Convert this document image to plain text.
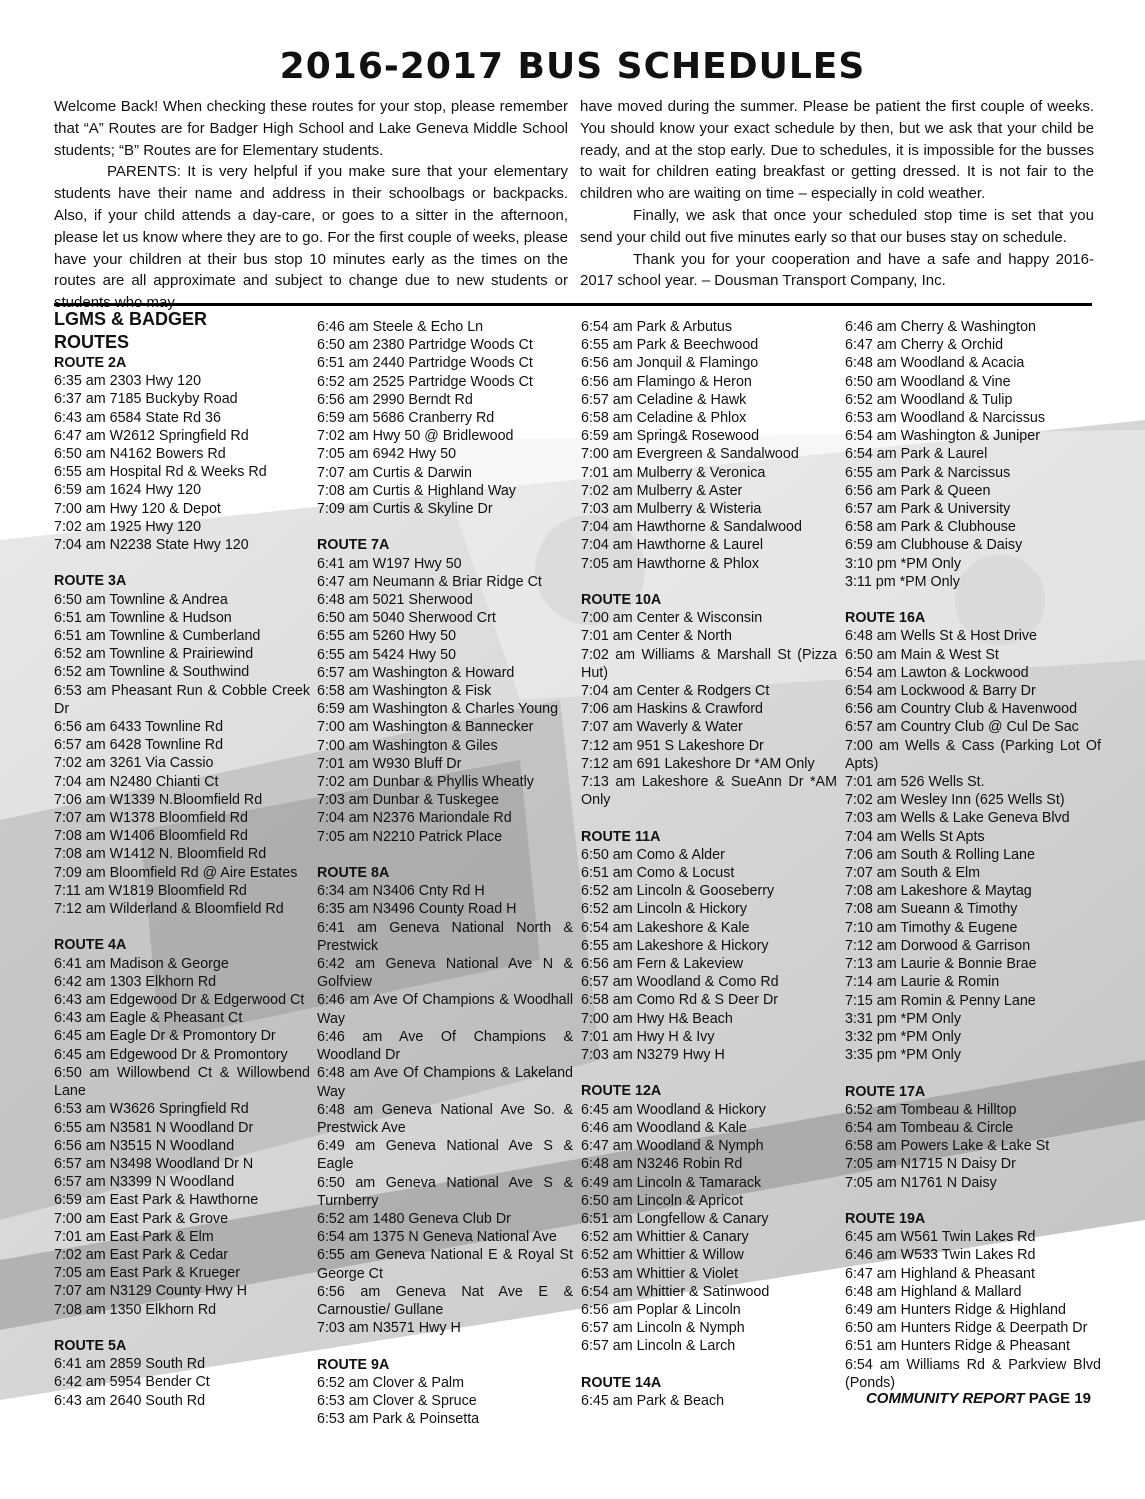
2016-2017 BUS SCHEDULES

Welcome Back! When checking these routes for your stop, please remember that “A” Routes are for Badger High School and Lake Geneva Middle School students; “B” Routes are for Elementary students.

PARENTS: It is very helpful if you make sure that your elementary students have their name and address in their schoolbags or backpacks. Also, if your child attends a day-care, or goes to a sitter in the afternoon, please let us know where they are to go. For the first couple of weeks, please have your children at their bus stop 10 minutes early as the times on the routes are all approximate and subject to change due to new students or

have moved during the summer. Please be patient the first couple of weeks. You should know your exact schedule by then, but we ask that your child be ready, and at the stop early. Due to schedules, it is impossible for the busses to wait for children eating breakfast or getting dressed. It is not fair to the children who are waiting on time – especially in cold weather.

Finally, we ask that once your scheduled stop time is set that you send your child out five minutes early so that our buses stay on schedule.

Thank you for your cooperation and have a safe and happy 2016-2017 school year. – Dousman Transport Company, Inc.

LGMS & BADGER
ROUTES
ROUTE 2A
6:35 am 2303 Hwy 120
6:37 am 7185 Buckyby Road
6:43 am 6584 State Rd 36
6:47 am W2612 Springfield Rd
6:50 am N4162 Bowers Rd
6:55 am Hospital Rd & Weeks Rd
6:59 am 1624 Hwy 120
7:00 am Hwy 120 & Depot
7:02 am 1925 Hwy 120
7:04 am N2238 State Hwy 120
ROUTE 3A
6:50 am Townline & Andrea
6:51 am Townline & Hudson
6:51 am Townline & Cumberland
6:52 am Townline & Prairiewind
6:52 am Townline & Southwind
6:53 am Pheasant Run & Cobble Creek Dr
6:56 am 6433 Townline Rd
6:57 am 6428 Townline Rd
7:02 am 3261 Via Cassio
7:04 am N2480 Chianti Ct
7:06 am W1339 N.Bloomfield Rd
7:07 am W1378 Bloomfield Rd
7:08 am W1406 Bloomfield Rd
7:08 am W1412 N. Bloomfield Rd
7:09 am Bloomfield Rd @ Aire Estates
7:11 am W1819 Bloomfield Rd
7:12 am Wilderland & Bloomfield Rd
ROUTE 4A
6:41 am Madison & George
6:42 am 1303 Elkhorn Rd
6:43 am Edgewood Dr & Edgerwood Ct
6:43 am Eagle & Pheasant Ct
6:45 am Eagle Dr & Promontory Dr
6:45 am Edgewood Dr & Promontory
6:50 am Willowbend Ct & Willowbend Lane
6:53 am W3626 Springfield Rd
6:55 am N3581 N Woodland Dr
6:56 am N3515 N Woodland
6:57 am N3498 Woodland Dr N
6:57 am N3399 N Woodland
6:59 am East Park & Hawthorne
7:00 am East Park & Grove
7:01 am East Park & Elm
7:02 am East Park & Cedar
7:05 am East Park & Krueger
7:07 am N3129 County Hwy H
7:08 am 1350 Elkhorn Rd
ROUTE 5A
6:41 am 2859 South Rd
6:42 am 5954 Bender Ct
6:43 am 2640 South Rd
6:46 am Steele & Echo Ln
6:50 am 2380 Partridge Woods Ct
6:51 am 2440 Partridge Woods Ct
6:52 am 2525 Partridge Woods Ct
6:56 am 2990 Berndt Rd
6:59 am 5686 Cranberry Rd
7:02 am Hwy 50 @ Bridlewood
7:05 am 6942 Hwy 50
7:07 am Curtis & Darwin
7:08 am Curtis & Highland Way
7:09 am Curtis & Skyline Dr
ROUTE 7A
6:41 am W197 Hwy 50
6:47 am Neumann & Briar Ridge Ct
6:48 am 5021 Sherwood
6:50 am 5040 Sherwood Crt
6:55 am 5260 Hwy 50
6:55 am 5424 Hwy 50
6:57 am Washington & Howard
6:58 am Washington & Fisk
6:59 am Washington & Charles Young
7:00 am Washington & Bannecker
7:00 am Washington & Giles
7:01 am W930 Bluff Dr
7:02 am Dunbar & Phyllis Wheatly
7:03 am Dunbar & Tuskegee
7:04 am N2376 Mariondale Rd
7:05 am N2210 Patrick Place
ROUTE 8A
6:34 am N3406 Cnty Rd H
6:35 am N3496 County Road H
6:41 am Geneva National North & Prestwick
6:42 am Geneva National Ave N & Golfview
6:46 am Ave Of Champions & Woodhall Way
6:46 am Ave Of Champions & Woodland Dr
6:48 am Ave Of Champions & Lakeland Way
6:48 am Geneva National Ave So. & Prestwick Ave
6:49 am Geneva National Ave S & Eagle
6:50 am Geneva National Ave S & Turnberry
6:52 am 1480 Geneva Club Dr
6:54 am 1375 N Geneva National Ave
6:55 am Geneva National E & Royal St George Ct
6:56 am Geneva Nat Ave E & Carnoustie/ Gullane
7:03 am N3571 Hwy H
ROUTE 9A
6:52 am Clover & Palm
6:53 am Clover & Spruce
6:53 am Park & Poinsetta
6:54 am Park & Arbutus
6:55 am Park & Beechwood
6:56 am Jonquil & Flamingo
6:56 am Flamingo & Heron
6:57 am Celadine & Hawk
6:58 am Celadine & Phlox
6:59 am Spring& Rosewood
7:00 am Evergreen & Sandalwood
7:01 am Mulberry & Veronica
7:02 am Mulberry & Aster
7:03 am Mulberry & Wisteria
7:04 am Hawthorne & Sandalwood
7:04 am Hawthorne & Laurel
7:05 am Hawthorne & Phlox
ROUTE 10A
7:00 am Center & Wisconsin
7:01 am Center & North
7:02 am Williams & Marshall St (Pizza Hut)
7:04 am Center & Rodgers Ct
7:06 am Haskins & Crawford
7:07 am Waverly & Water
7:12 am 951 S Lakeshore Dr
7:12 am 691 Lakeshore Dr *AM Only
7:13 am Lakeshore & SueAnn Dr *AM Only
ROUTE 11A
6:50 am Como & Alder
6:51 am Como & Locust
6:52 am Lincoln & Gooseberry
6:52 am Lincoln & Hickory
6:54 am Lakeshore & Kale
6:55 am Lakeshore & Hickory
6:56 am Fern & Lakeview
6:57 am Woodland & Como Rd
6:58 am Como Rd & S Deer Dr
7:00 am Hwy H& Beach
7:01 am Hwy H & Ivy
7:03 am N3279 Hwy H
ROUTE 12A
6:45 am Woodland & Hickory
6:46 am Woodland & Kale
6:47 am Woodland & Nymph
6:48 am N3246 Robin Rd
6:49 am Lincoln & Tamarack
6:50 am Lincoln & Apricot
6:51 am Longfellow & Canary
6:52 am Whittier & Canary
6:52 am Whittier & Willow
6:53 am Whittier & Violet
6:54 am Whittier & Satinwood
6:56 am Poplar & Lincoln
6:57 am Lincoln & Nymph
6:57 am Lincoln & Larch
ROUTE 14A
6:45 am Park & Beach
6:46 am Cherry & Washington
6:47 am Cherry & Orchid
6:48 am Woodland & Acacia
6:50 am Woodland & Vine
6:52 am Woodland & Tulip
6:53 am Woodland & Narcissus
6:54 am Washington & Juniper
6:54 am Park & Laurel
6:55 am Park & Narcissus
6:56 am Park & Queen
6:57 am Park & University
6:58 am Park & Clubhouse
6:59 am Clubhouse & Daisy
3:10 pm *PM Only
3:11 pm *PM Only
ROUTE 16A
6:48 am Wells St & Host Drive
6:50 am Main & West St
6:54 am Lawton & Lockwood
6:54 am Lockwood & Barry Dr
6:56 am Country Club & Havenwood
6:57 am Country Club @ Cul De Sac
7:00 am Wells & Cass (Parking Lot Of Apts)
7:01 am 526 Wells St.
7:02 am Wesley Inn (625 Wells St)
7:03 am Wells & Lake Geneva Blvd
7:04 am Wells St Apts
7:06 am South & Rolling Lane
7:07 am South & Elm
7:08 am Lakeshore & Maytag
7:08 am Sueann & Timothy
7:10 am Timothy & Eugene
7:12 am Dorwood & Garrison
7:13 am Laurie & Bonnie Brae
7:14 am Laurie & Romin
7:15 am Romin & Penny Lane
3:31 pm *PM Only
3:32 pm *PM Only
3:35 pm *PM Only
ROUTE 17A
6:52 am Tombeau & Hilltop
6:54 am Tombeau & Circle
6:58 am Powers Lake & Lake St
7:05 am N1715 N Daisy Dr
7:05 am N1761 N Daisy
ROUTE 19A
6:45 am W561 Twin Lakes Rd
6:46 am W533 Twin Lakes Rd
6:47 am Highland & Pheasant
6:48 am Highland & Mallard
6:49 am Hunters Ridge & Highland
6:50 am Hunters Ridge & Deerpath Dr
6:51 am Hunters Ridge & Pheasant
6:54 am Williams Rd & Parkview Blvd (Ponds)
COMMUNITY REPORT PAGE 19
